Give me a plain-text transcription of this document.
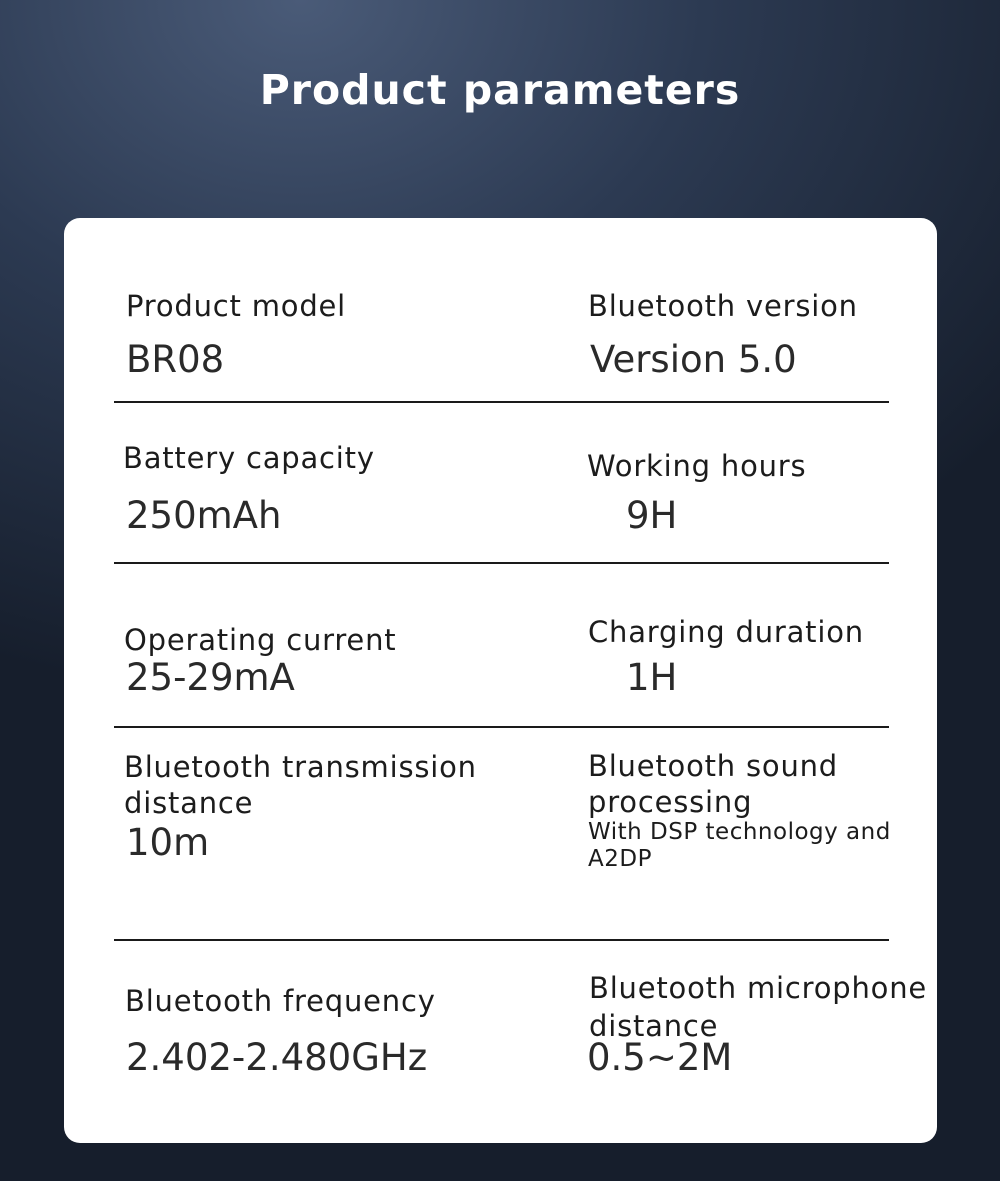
Product parameters
Product model
BR08
Bluetooth version
Version 5.0
Battery capacity
250mAh
Working hours
9H
Operating current
25-29mA
Charging duration
1H
Bluetooth transmission
distance
10m
Bluetooth sound
processing
With DSP technology and
A2DP
Bluetooth frequency
2.402-2.480GHz
Bluetooth microphone
distance
0.5~2M
